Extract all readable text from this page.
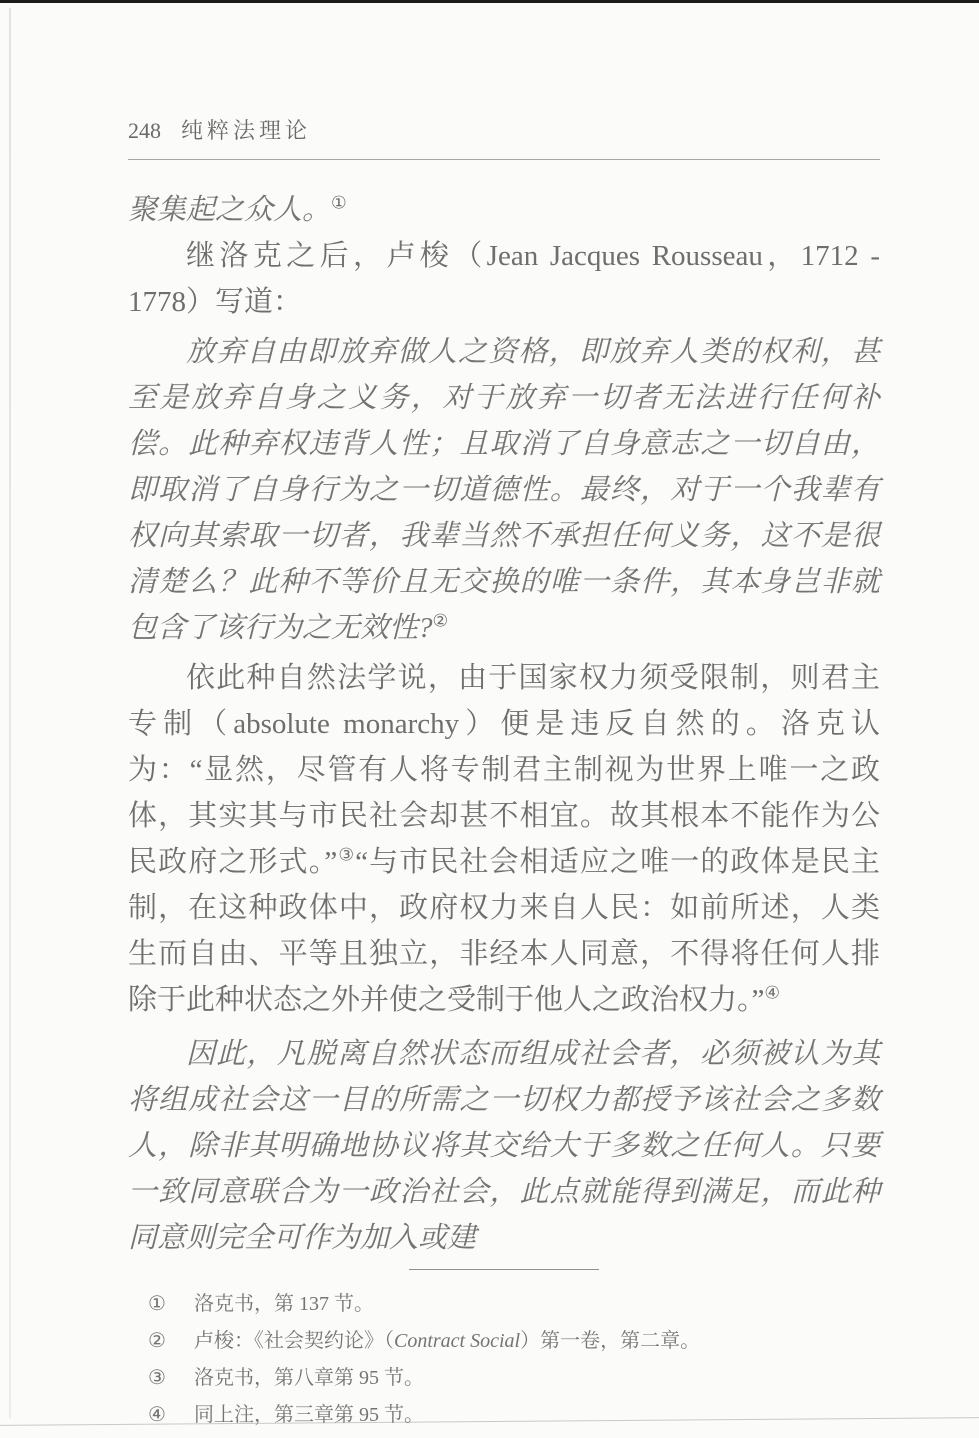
248 纯粹法理论

聚集起之众人。①

继洛克之后，卢梭（Jean Jacques Rousseau，1712 - 1778）写道：

放弃自由即放弃做人之资格，即放弃人类的权利，甚至是放弃自身之义务，对于放弃一切者无法进行任何补偿。此种弃权违背人性；且取消了自身意志之一切自由，即取消了自身行为之一切道德性。最终，对于一个我辈有权向其索取一切者，我辈当然不承担任何义务，这不是很清楚么？此种不等价且无交换的唯一条件，其本身岂非就包含了该行为之无效性?②

依此种自然法学说，由于国家权力须受限制，则君主专制（absolute monarchy）便是违反自然的。洛克认为：“显然，尽管有人将专制君主制视为世界上唯一之政体，其实其与市民社会却甚不相宜。故其根本不能作为公民政府之形式。”③“与市民社会相适应之唯一的政体是民主制，在这种政体中，政府权力来自人民：如前所述，人类生而自由、平等且独立，非经本人同意，不得将任何人排除于此种状态之外并使之受制于他人之政治权力。”④

因此，凡脱离自然状态而组成社会者，必须被认为其将组成社会这一目的所需之一切权力都授予该社会之多数人，除非其明确地协议将其交给大于多数之任何人。只要一致同意联合为一政治社会，此点就能得到满足，而此种同意则完全可作为加入或建

①	洛克书，第 137 节。
②	卢梭：《社会契约论》（Contract Social）第一卷，第二章。
③	洛克书，第八章第 95 节。
④	同上注，第三章第 95 节。
